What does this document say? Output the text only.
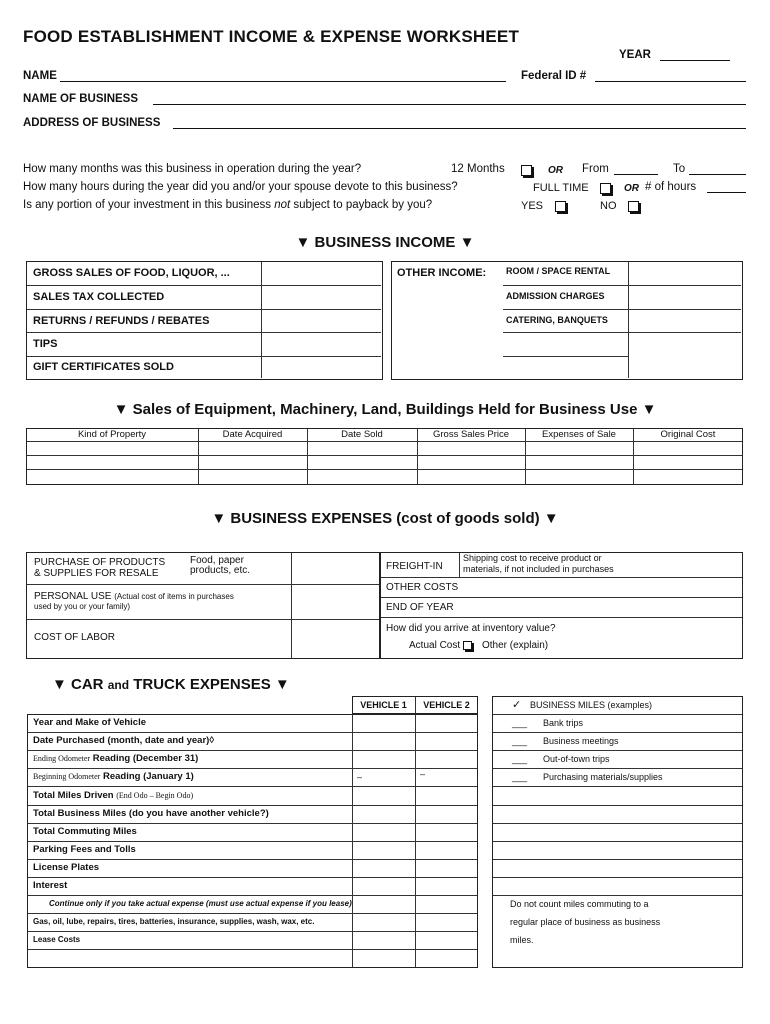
FOOD ESTABLISHMENT INCOME & EXPENSE WORKSHEET
YEAR
NAME	Federal ID #
NAME OF BUSINESS
ADDRESS OF BUSINESS
How many months was this business in operation during the year?	12 Months	OR From	To
How many hours during the year did you and/or your spouse devote to this business?	FULL TIME	OR # of hours
Is any portion of your investment in this business not subject to payback by you?	YES	NO
▼ BUSINESS INCOME ▼
GROSS SALES OF FOOD, LIQUOR, ...
SALES TAX COLLECTED
RETURNS / REFUNDS / REBATES
TIPS
GIFT CERTIFICATES SOLD
OTHER INCOME: ROOM / SPACE RENTAL
ADMISSION CHARGES
CATERING, BANQUETS
▼ Sales of Equipment, Machinery, Land, Buildings Held for Business Use ▼
Kind of Property	Date Acquired	Date Sold	Gross Sales Price	Expenses of Sale	Original Cost
▼ BUSINESS EXPENSES (cost of goods sold) ▼
PURCHASE OF PRODUCTS
& SUPPLIES FOR RESALE
Food, paper
products, etc.
PERSONAL USE (Actual cost of items in purchases
used by you or your family)
COST OF LABOR
FREIGHT-IN
Shipping cost to receive product or
materials, if not included in purchases
OTHER COSTS
END OF YEAR
How did you arrive at inventory value?
Actual Cost Other (explain)
▼ CAR and TRUCK EXPENSES ▼
VEHICLE 1	VEHICLE 2
Year and Make of Vehicle
Date Purchased (month, date and year)◊
Ending Odometer Reading (December 31)
Beginning Odometer Reading (January 1)	–	–
Total Miles Driven (End Odo – Begin Odo)
Total Business Miles (do you have another vehicle?)
Total Commuting Miles
Parking Fees and Tolls
License Plates
Interest
Continue only if you take actual expense (must use actual expense if you lease)
Gas, oil, lube, repairs, tires, batteries, insurance, supplies, wash, wax, etc.
Lease Costs
✓ BUSINESS MILES (examples)
___ Bank trips
___ Business meetings
___ Out-of-town trips
___ Purchasing materials/supplies
Do not count miles commuting to a
regular place of business as business
miles.
